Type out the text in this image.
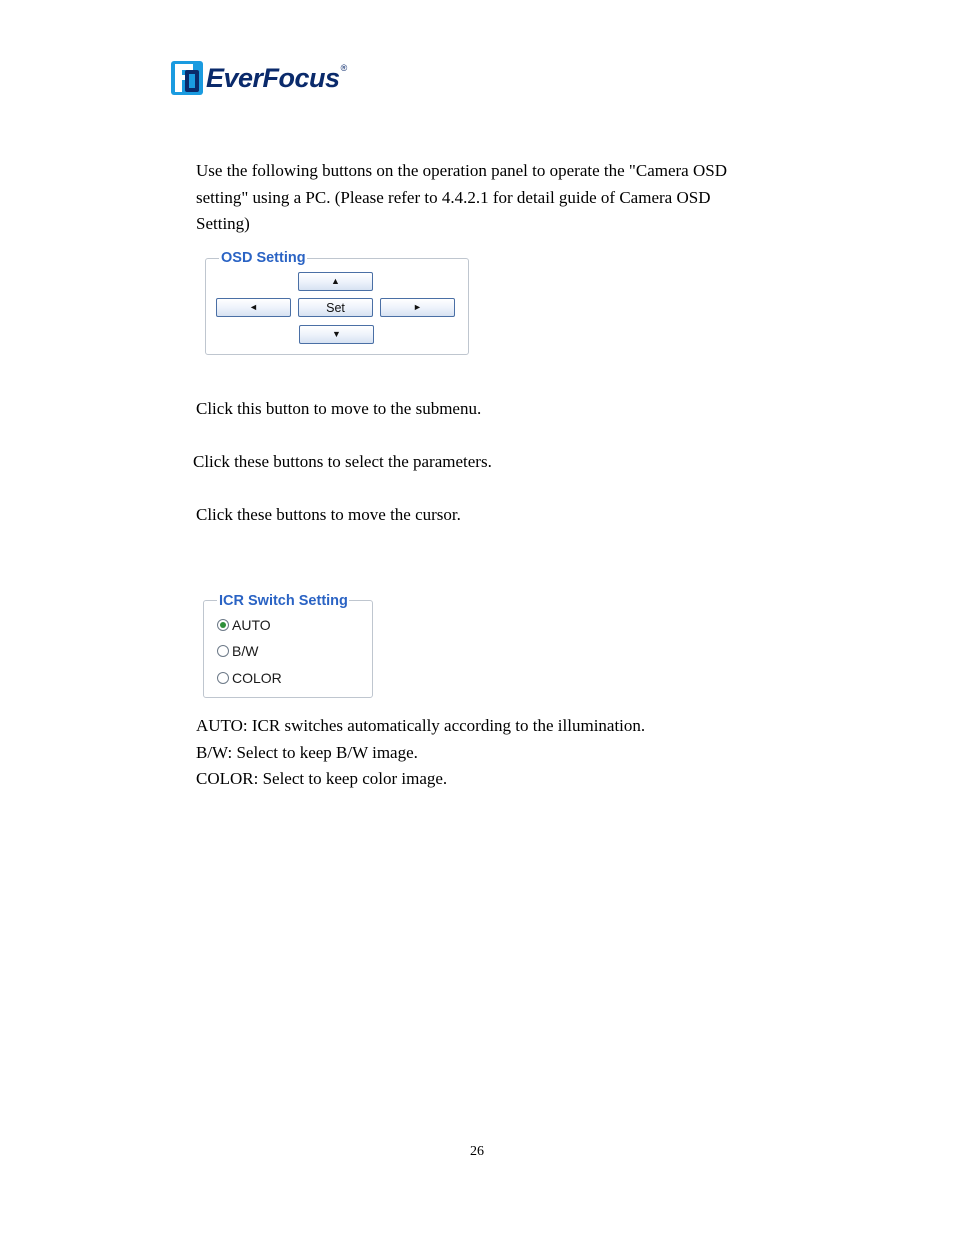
EverFocus ®
Use the following buttons on the operation panel to operate the "Camera OSD
setting" using a PC. (Please refer to 4.4.2.1 for detail guide of Camera OSD
Setting)
OSD Setting
▲
◄	Set	►
▼
Click this button to move to the submenu.
Click these buttons to select the parameters.
Click these buttons to move the cursor.
ICR Switch Setting
AUTO
B/W
COLOR
AUTO: ICR switches automatically according to the illumination.
B/W: Select to keep B/W image.
COLOR: Select to keep color image.
26
